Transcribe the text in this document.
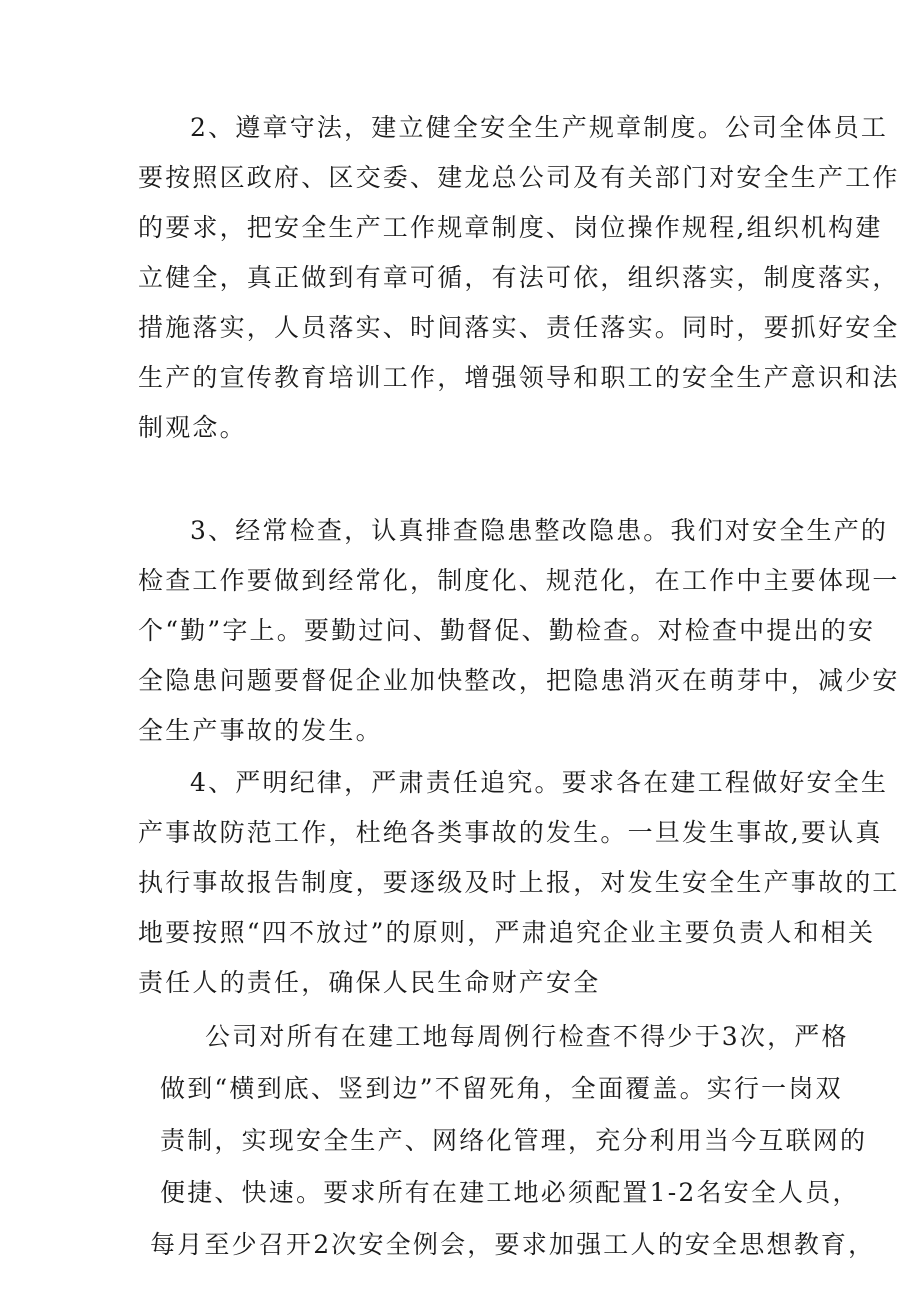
2、遵章守法，建立健全安全生产规章制度。公司全体员工
要按照区政府、区交委、建龙总公司及有关部门对安全生产工作
的要求，把安全生产工作规章制度、岗位操作规程,组织机构建
立健全，真正做到有章可循，有法可依，组织落实，制度落实，
措施落实，人员落实、时间落实、责任落实。同时，要抓好安全
生产的宣传教育培训工作，增强领导和职工的安全生产意识和法
制观念。
3、经常检查，认真排查隐患整改隐患。我们对安全生产的
检查工作要做到经常化，制度化、规范化，在工作中主要体现一
个“勤”字上。要勤过问、勤督促、勤检查。对检查中提出的安
全隐患问题要督促企业加快整改，把隐患消灭在萌芽中，减少安
全生产事故的发生。
4、严明纪律，严肃责任追究。要求各在建工程做好安全生
产事故防范工作，杜绝各类事故的发生。一旦发生事故,要认真
执行事故报告制度，要逐级及时上报，对发生安全生产事故的工
地要按照“四不放过”的原则，严肃追究企业主要负责人和相关
责任人的责任，确保人民生命财产安全
公司对所有在建工地每周例行检查不得少于3次，严格
做到“横到底、竖到边”不留死角，全面覆盖。实行一岗双
责制，实现安全生产、网络化管理，充分利用当今互联网的
便捷、快速。要求所有在建工地必须配置1-2名安全人员，
每月至少召开2次安全例会，要求加强工人的安全思想教育，
